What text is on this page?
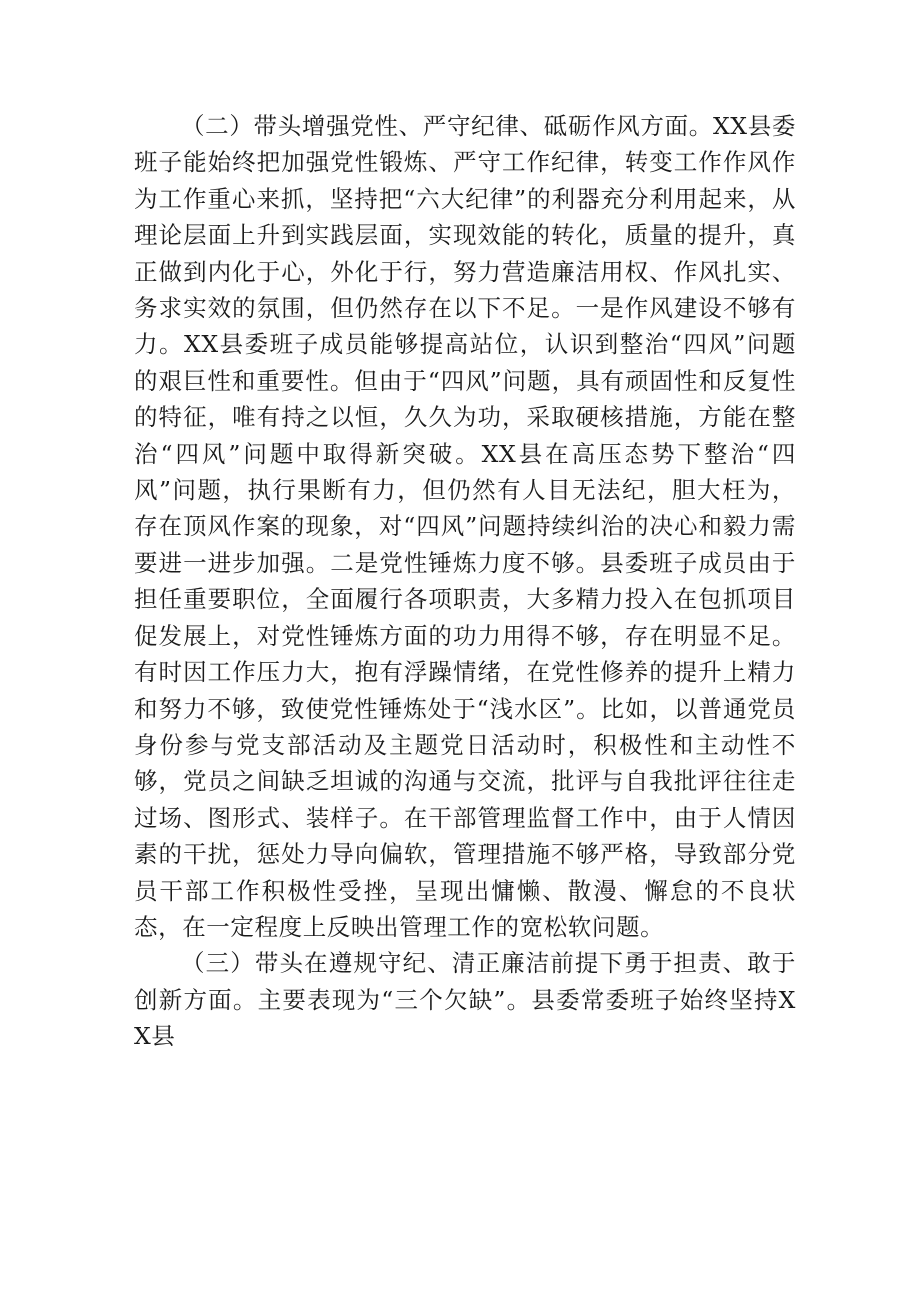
（二）带头增强党性、严守纪律、砥砺作风方面。XX县委班子能始终把加强党性锻炼、严守工作纪律，转变工作作风作为工作重心来抓，坚持把“六大纪律”的利器充分利用起来，从理论层面上升到实践层面，实现效能的转化，质量的提升，真正做到内化于心，外化于行，努力营造廉洁用权、作风扎实、务求实效的氛围，但仍然存在以下不足。一是作风建设不够有力。XX县委班子成员能够提高站位，认识到整治“四风”问题的艰巨性和重要性。但由于“四风”问题，具有顽固性和反复性的特征，唯有持之以恒，久久为功，采取硬核措施，方能在整治“四风”问题中取得新突破。XX县在高压态势下整治“四风”问题，执行果断有力，但仍然有人目无法纪，胆大枉为，存在顶风作案的现象，对“四风”问题持续纠治的决心和毅力需要进一进步加强。二是党性锤炼力度不够。县委班子成员由于担任重要职位，全面履行各项职责，大多精力投入在包抓项目促发展上，对党性锤炼方面的功力用得不够，存在明显不足。有时因工作压力大，抱有浮躁情绪，在党性修养的提升上精力和努力不够，致使党性锤炼处于“浅水区”。比如，以普通党员身份参与党支部活动及主题党日活动时，积极性和主动性不够，党员之间缺乏坦诚的沟通与交流，批评与自我批评往往走过场、图形式、装样子。在干部管理监督工作中，由于人情因素的干扰，惩处力导向偏软，管理措施不够严格，导致部分党员干部工作积极性受挫，呈现出慵懒、散漫、懈怠的不良状态，在一定程度上反映出管理工作的宽松软问题。

（三）带头在遵规守纪、清正廉洁前提下勇于担责、敢于创新方面。主要表现为“三个欠缺”。县委常委班子始终坚持XX县
